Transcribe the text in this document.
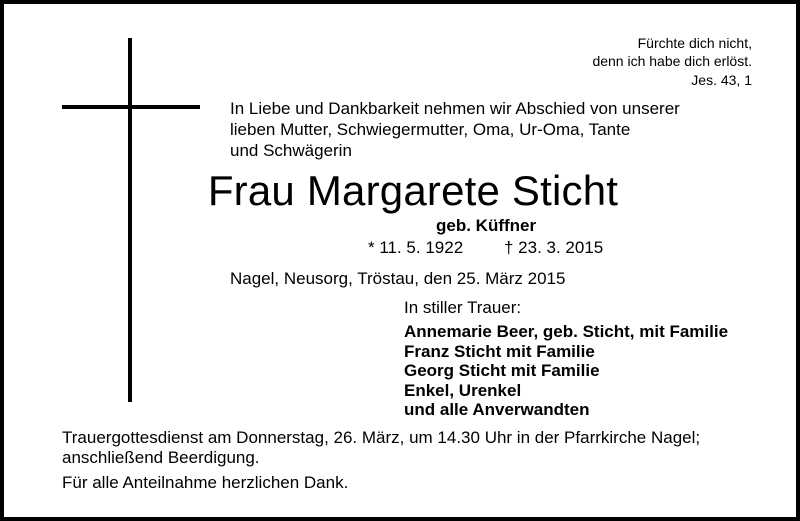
Fürchte dich nicht,
denn ich habe dich erlöst.
Jes. 43, 1
In Liebe und Dankbarkeit nehmen wir Abschied von unserer
lieben Mutter, Schwiegermutter, Oma, Ur-Oma, Tante
und Schwägerin
Frau Margarete Sticht
geb. Küffner
* 11. 5. 1922 † 23. 3. 2015
Nagel, Neusorg, Tröstau, den 25. März 2015
In stiller Trauer:
Annemarie Beer, geb. Sticht, mit Familie
Franz Sticht mit Familie
Georg Sticht mit Familie
Enkel, Urenkel
und alle Anverwandten
Trauergottesdienst am Donnerstag, 26. März, um 14.30 Uhr in der Pfarrkirche Nagel;
anschließend Beerdigung.
Für alle Anteilnahme herzlichen Dank.
